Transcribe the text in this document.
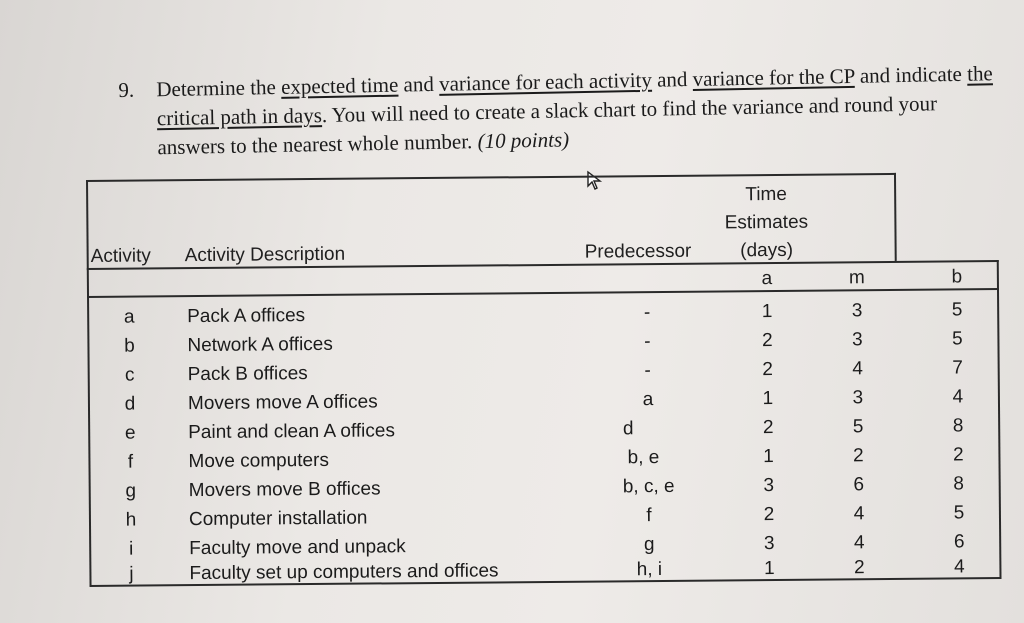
9. Determine the expected time and variance for each activity and variance for the CP and indicate the critical path in days. You will need to create a slack chart to find the variance and round your answers to the nearest whole number. (10 points)
Activity Activity Description	Predecessor
Time
Estimates
(days)
a	m	b
a	Pack A offices	-	1	3	5
b	Network A offices	-	2	3	5
c	Pack B offices	-	2	4	7
d	Movers move A offices	a	1	3	4
e	Paint and clean A offices	d	2	5	8
f	Move computers	b, e	1	2	2
g	Movers move B offices	b, c, e	3	6	8
h	Computer installation	f	2	4	5
i	Faculty move and unpack	g	3	4	6
j	Faculty set up computers and offices	h, i	1	2	4
